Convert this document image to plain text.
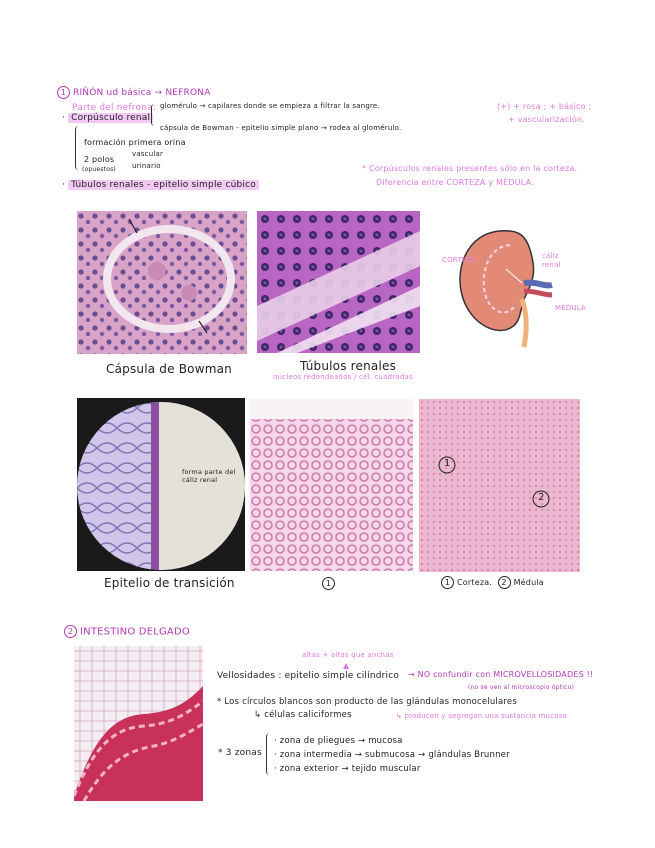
1 RIÑÓN ud básica → NEFRONA
Parte del nefrona: glomérulo → capilares donde se empieza a filtrar la sangre.
· Corpúsculo renal
cápsula de Bowman - epitelio simple plano → rodea al glomérulo.
formación primera orina
2 polos
(opuestos)
vascular
urinario
· Túbulos renales - epitelio simple cúbico
(+) + rosa ; + básico ;
+ vascularización.
* Corpúsculos renales presentes sólo en la corteza.
Diferencia entre CORTEZA y MÉDULA.
CORTEZA	cáliz renal
MÉDULA
Cápsula de Bowman	Túbulos renales
núcleos redondeados / cél. cuadradas
forma parte del cáliz renal
1
2
Epitelio de transición	1	1 Corteza. 2 Médula
2 INTESTINO DELGADO
altas + altas que anchas
▲
Vellosidades : epitelio simple cilíndrico → NO confundir con MICROVELLOSIDADES !!
(no se ven al microscopio óptico)
* Los círculos blancos son producto de las glándulas monocelulares
↳ células caliciformes	↳ producen y segregan una sustancia mucosa.
* 3 zonas
· zona de pliegues → mucosa
· zona intermedia → submucosa → glándulas Brunner
· zona exterior → tejido muscular
